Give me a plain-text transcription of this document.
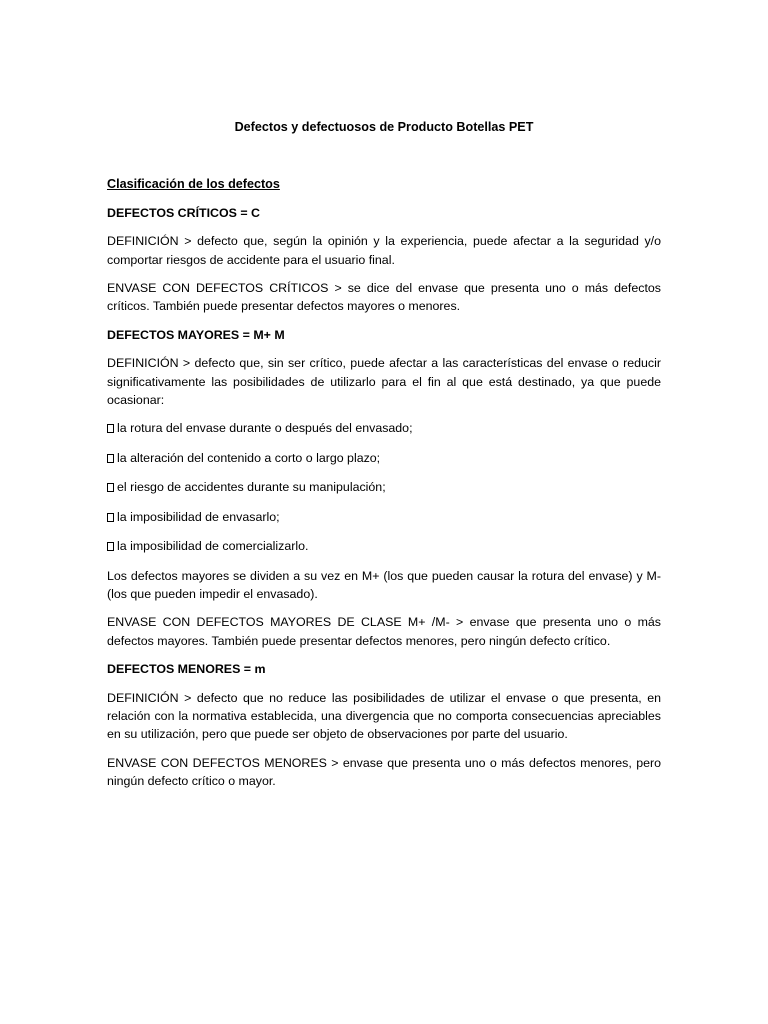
Defectos y defectuosos de Producto Botellas PET

Clasificación de los defectos

DEFECTOS CRÍTICOS = C

DEFINICIÓN > defecto que, según la opinión y la experiencia, puede afectar a la seguridad y/o comportar riesgos de accidente para el usuario final.

ENVASE CON DEFECTOS CRÍTICOS > se dice del envase que presenta uno o más defectos críticos. También puede presentar defectos mayores o menores.

DEFECTOS MAYORES = M+ M

DEFINICIÓN > defecto que, sin ser crítico, puede afectar a las características del envase o reducir significativamente las posibilidades de utilizarlo para el fin al que está destinado, ya que puede ocasionar:

la rotura del envase durante o después del envasado;

la alteración del contenido a corto o largo plazo;

el riesgo de accidentes durante su manipulación;

la imposibilidad de envasarlo;

la imposibilidad de comercializarlo.

Los defectos mayores se dividen a su vez en M+ (los que pueden causar la rotura del envase) y M- (los que pueden impedir el envasado).

ENVASE CON DEFECTOS MAYORES DE CLASE M+ /M- > envase que presenta uno o más defectos mayores. También puede presentar defectos menores, pero ningún defecto crítico.

DEFECTOS MENORES = m

DEFINICIÓN > defecto que no reduce las posibilidades de utilizar el envase o que presenta, en relación con la normativa establecida, una divergencia que no comporta consecuencias apreciables en su utilización, pero que puede ser objeto de observaciones por parte del usuario.

ENVASE CON DEFECTOS MENORES > envase que presenta uno o más defectos menores, pero ningún defecto crítico o mayor.
